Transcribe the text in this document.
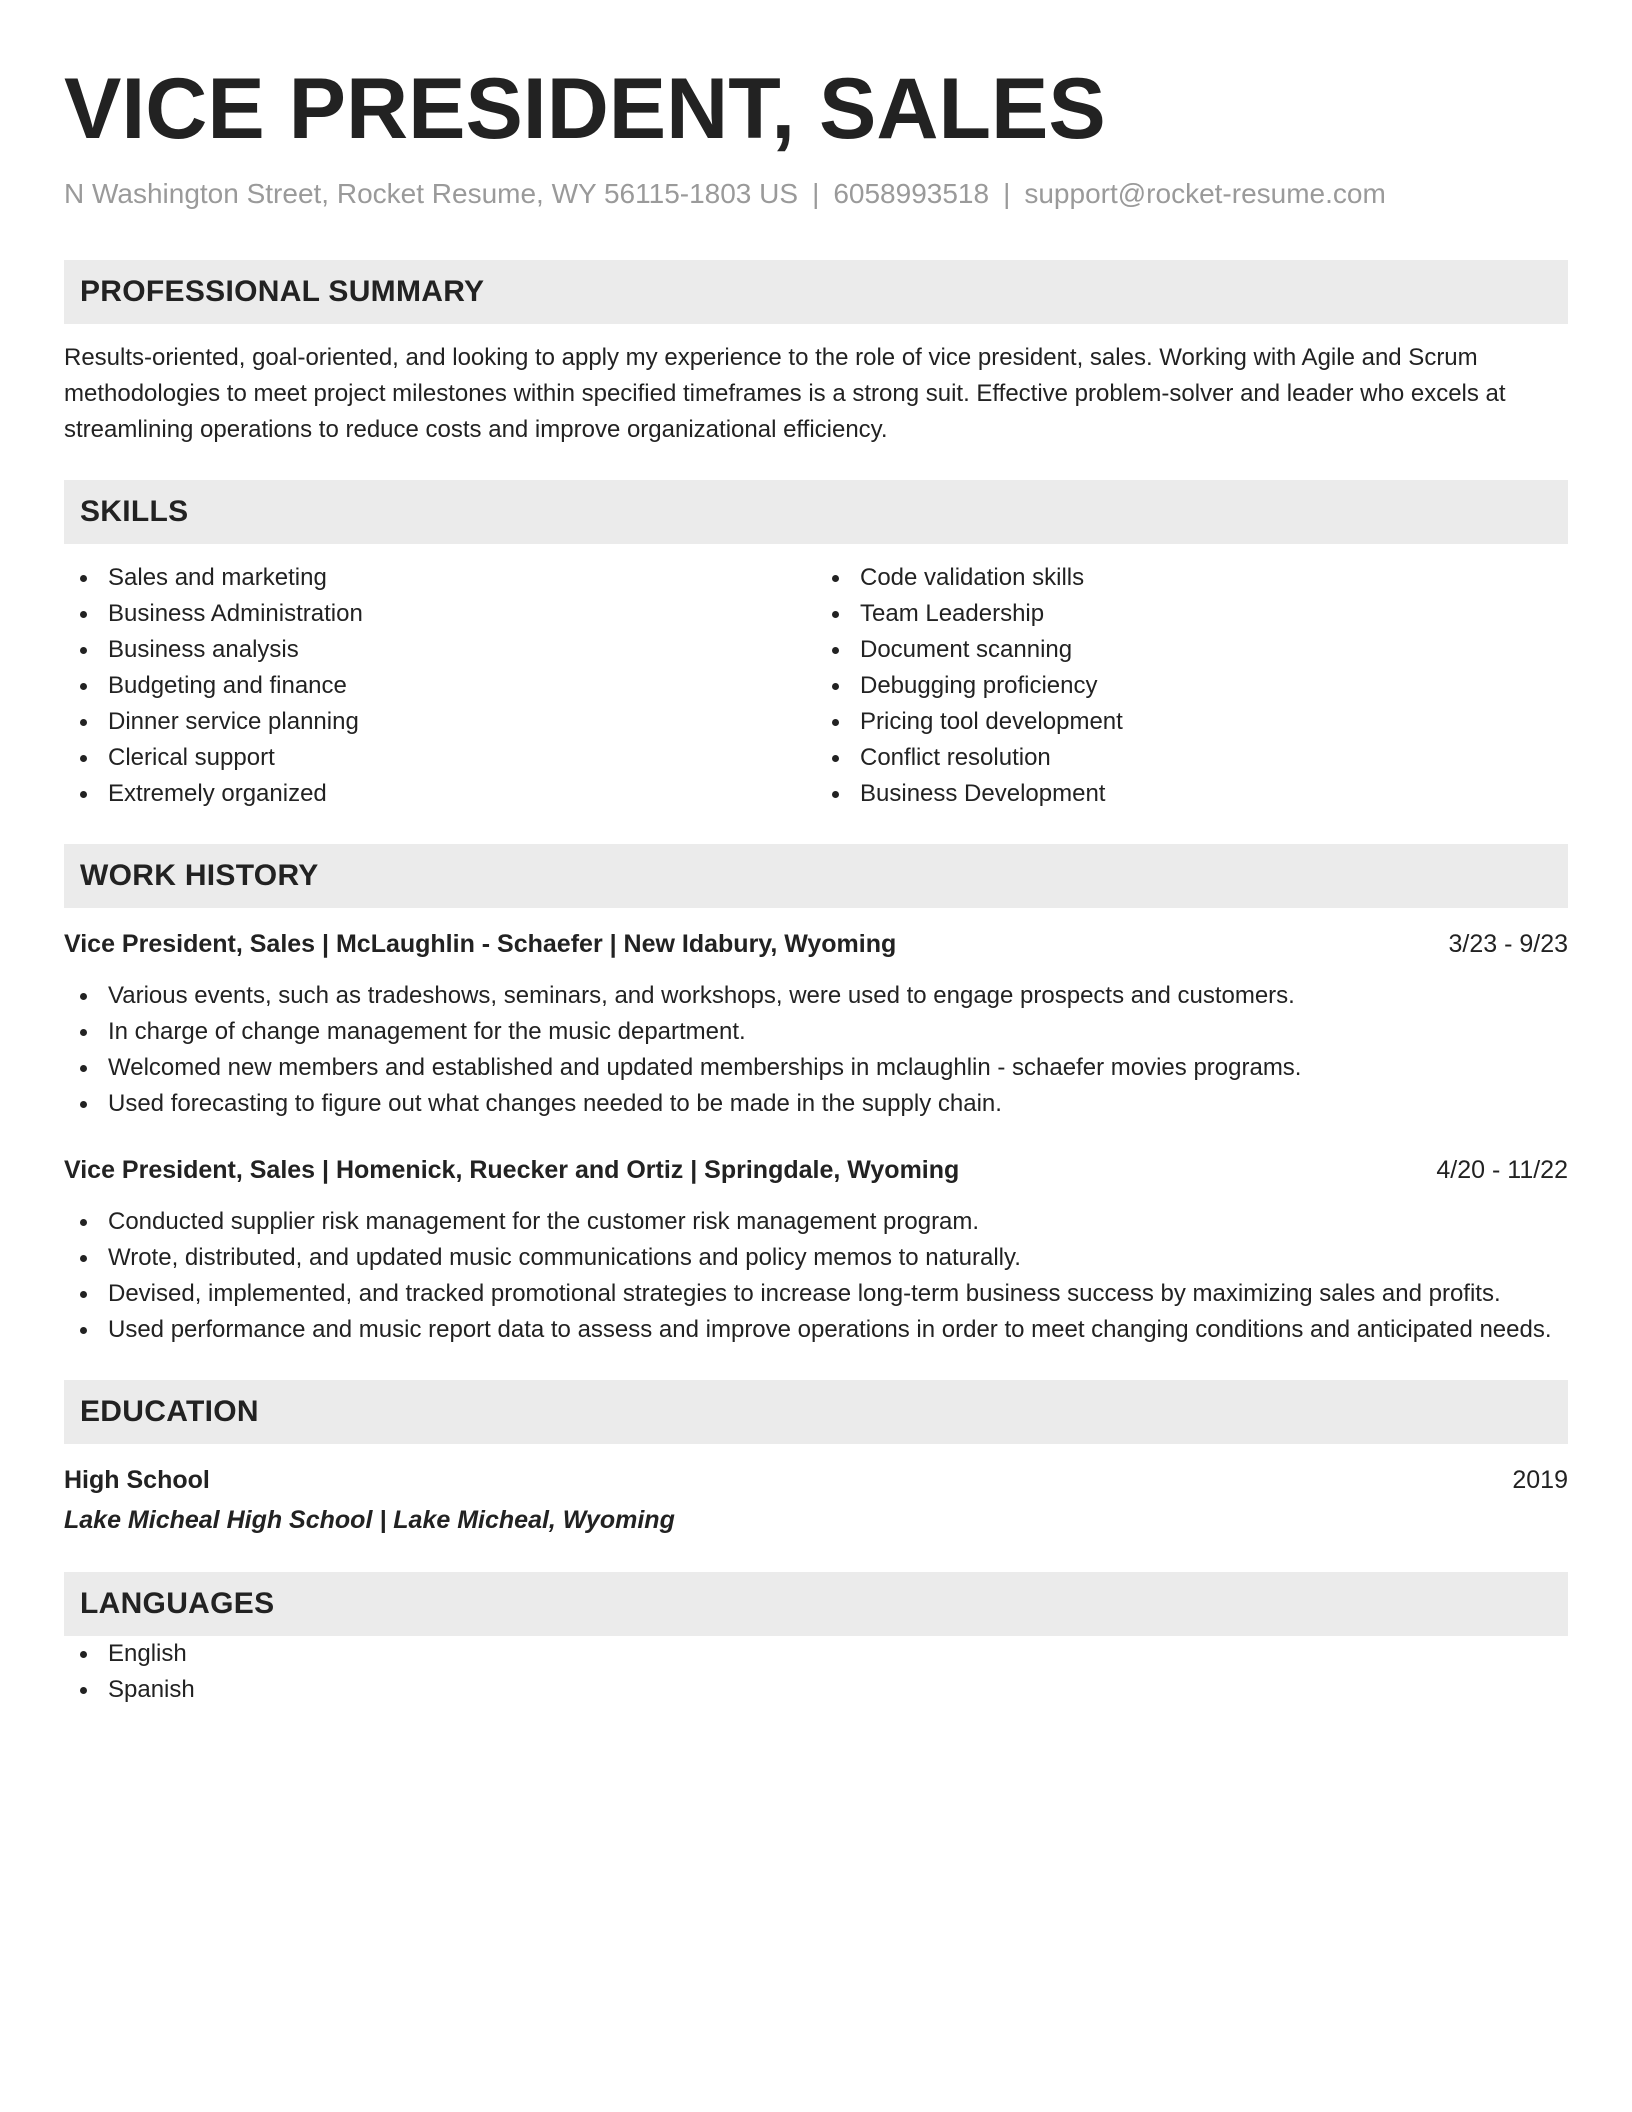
VICE PRESIDENT, SALES
N Washington Street, Rocket Resume, WY 56115-1803 US | 6058993518 | support@rocket-resume.com
PROFESSIONAL SUMMARY
Results-oriented, goal-oriented, and looking to apply my experience to the role of vice president, sales. Working with Agile and Scrum methodologies to meet project milestones within specified timeframes is a strong suit. Effective problem-solver and leader who excels at streamlining operations to reduce costs and improve organizational efficiency.
SKILLS
Sales and marketing
Business Administration
Business analysis
Budgeting and finance
Dinner service planning
Clerical support
Extremely organized
Code validation skills
Team Leadership
Document scanning
Debugging proficiency
Pricing tool development
Conflict resolution
Business Development
WORK HISTORY
Vice President, Sales | McLaughlin - Schaefer | New Idabury, Wyoming	3/23 - 9/23
Various events, such as tradeshows, seminars, and workshops, were used to engage prospects and customers.
In charge of change management for the music department.
Welcomed new members and established and updated memberships in mclaughlin - schaefer movies programs.
Used forecasting to figure out what changes needed to be made in the supply chain.
Vice President, Sales | Homenick, Ruecker and Ortiz | Springdale, Wyoming	4/20 - 11/22
Conducted supplier risk management for the customer risk management program.
Wrote, distributed, and updated music communications and policy memos to naturally.
Devised, implemented, and tracked promotional strategies to increase long-term business success by maximizing sales and profits.
Used performance and music report data to assess and improve operations in order to meet changing conditions and anticipated needs.
EDUCATION
High School	2019
Lake Micheal High School | Lake Micheal, Wyoming
LANGUAGES
English
Spanish
